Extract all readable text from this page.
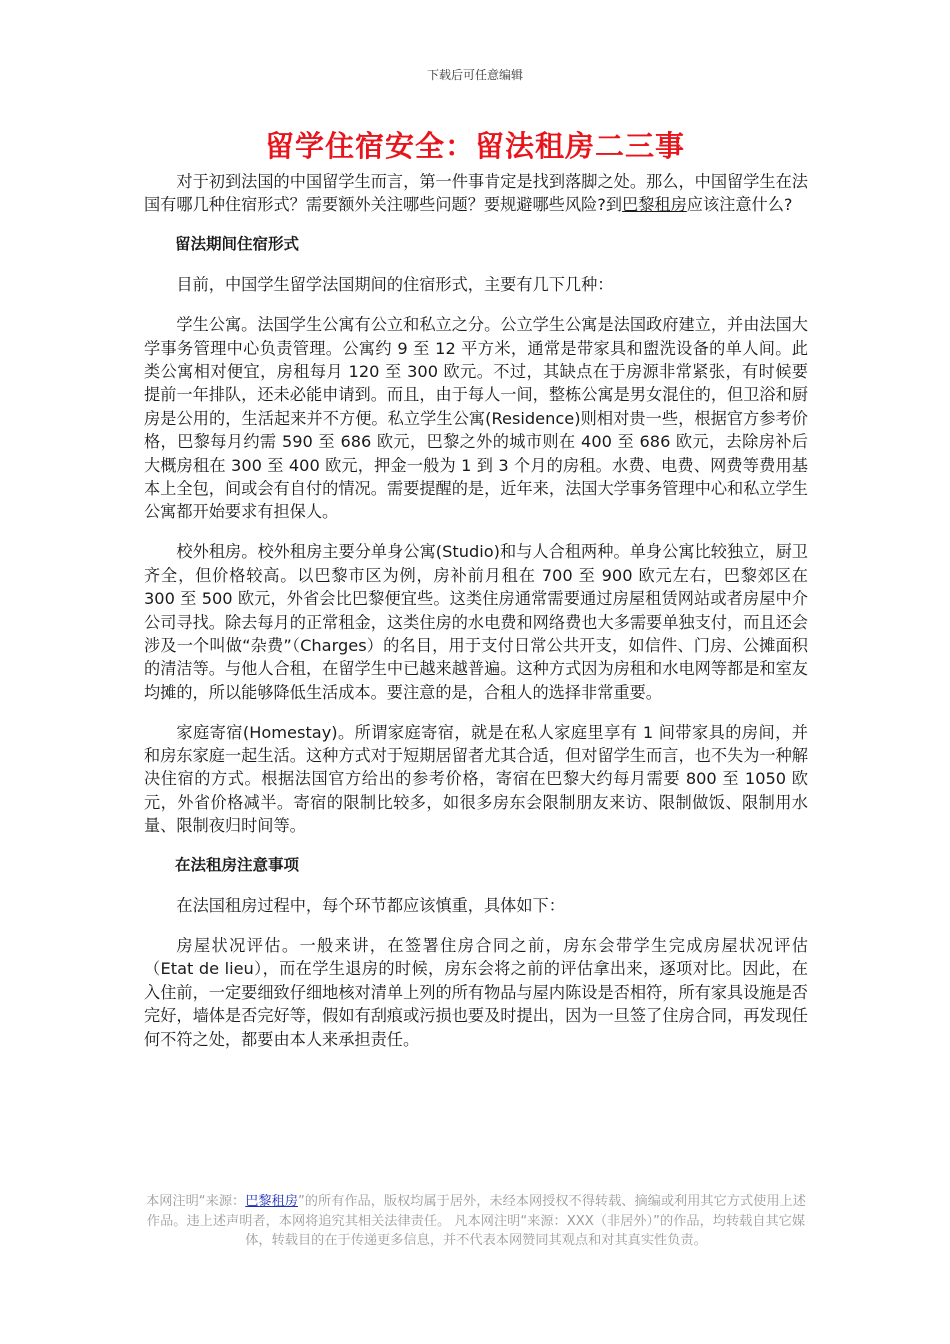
下载后可任意编辑
留学住宿安全：留法租房二三事

对于初到法国的中国留学生而言，第一件事肯定是找到落脚之处。那么，中国留学生在法国有哪几种住宿形式？需要额外关注哪些问题？要规避哪些风险?到巴黎租房应该注意什么?

留法期间住宿形式

目前，中国学生留学法国期间的住宿形式，主要有几下几种：

学生公寓。法国学生公寓有公立和私立之分。公立学生公寓是法国政府建立，并由法国大学事务管理中心负责管理。公寓约 9 至 12 平方米，通常是带家具和盥洗设备的单人间。此类公寓相对便宜，房租每月 120 至 300 欧元。不过，其缺点在于房源非常紧张，有时候要提前一年排队，还未必能申请到。而且，由于每人一间，整栋公寓是男女混住的，但卫浴和厨房是公用的，生活起来并不方便。私立学生公寓(Residence)则相对贵一些，根据官方参考价格，巴黎每月约需 590 至 686 欧元，巴黎之外的城市则在 400 至 686 欧元，去除房补后大概房租在 300 至 400 欧元，押金一般为 1 到 3 个月的房租。水费、电费、网费等费用基本上全包，间或会有自付的情况。需要提醒的是，近年来，法国大学事务管理中心和私立学生公寓都开始要求有担保人。

校外租房。校外租房主要分单身公寓(Studio)和与人合租两种。单身公寓比较独立，厨卫齐全，但价格较高。以巴黎市区为例，房补前月租在 700 至 900 欧元左右，巴黎郊区在 300 至 500 欧元，外省会比巴黎便宜些。这类住房通常需要通过房屋租赁网站或者房屋中介公司寻找。除去每月的正常租金，这类住房的水电费和网络费也大多需要单独支付，而且还会涉及一个叫做“杂费”（Charges）的名目，用于支付日常公共开支，如信件、门房、公摊面积的清洁等。与他人合租，在留学生中已越来越普遍。这种方式因为房租和水电网等都是和室友均摊的，所以能够降低生活成本。要注意的是，合租人的选择非常重要。

家庭寄宿(Homestay)。所谓家庭寄宿，就是在私人家庭里享有 1 间带家具的房间，并和房东家庭一起生活。这种方式对于短期居留者尤其合适，但对留学生而言，也不失为一种解决住宿的方式。根据法国官方给出的参考价格，寄宿在巴黎大约每月需要 800 至 1050 欧元，外省价格减半。寄宿的限制比较多，如很多房东会限制朋友来访、限制做饭、限制用水量、限制夜归时间等。

在法租房注意事项

在法国租房过程中，每个环节都应该慎重，具体如下：

房屋状况评估。一般来讲，在签署住房合同之前，房东会带学生完成房屋状况评估（Etat de lieu），而在学生退房的时候，房东会将之前的评估拿出来，逐项对比。因此，在入住前，一定要细致仔细地核对清单上列的所有物品与屋内陈设是否相符，所有家具设施是否完好，墙体是否完好等，假如有刮痕或污损也要及时提出，因为一旦签了住房合同，再发现任何不符之处，都要由本人来承担责任。

本网注明“来源：巴黎租房”的所有作品，版权均属于居外，未经本网授权不得转载、摘编或利用其它方式使用上述作品。违上述声明者，本网将追究其相关法律责任。 凡本网注明“来源：XXX（非居外）”的作品，均转载自其它媒体，转载目的在于传递更多信息，并不代表本网赞同其观点和对其真实性负责。
